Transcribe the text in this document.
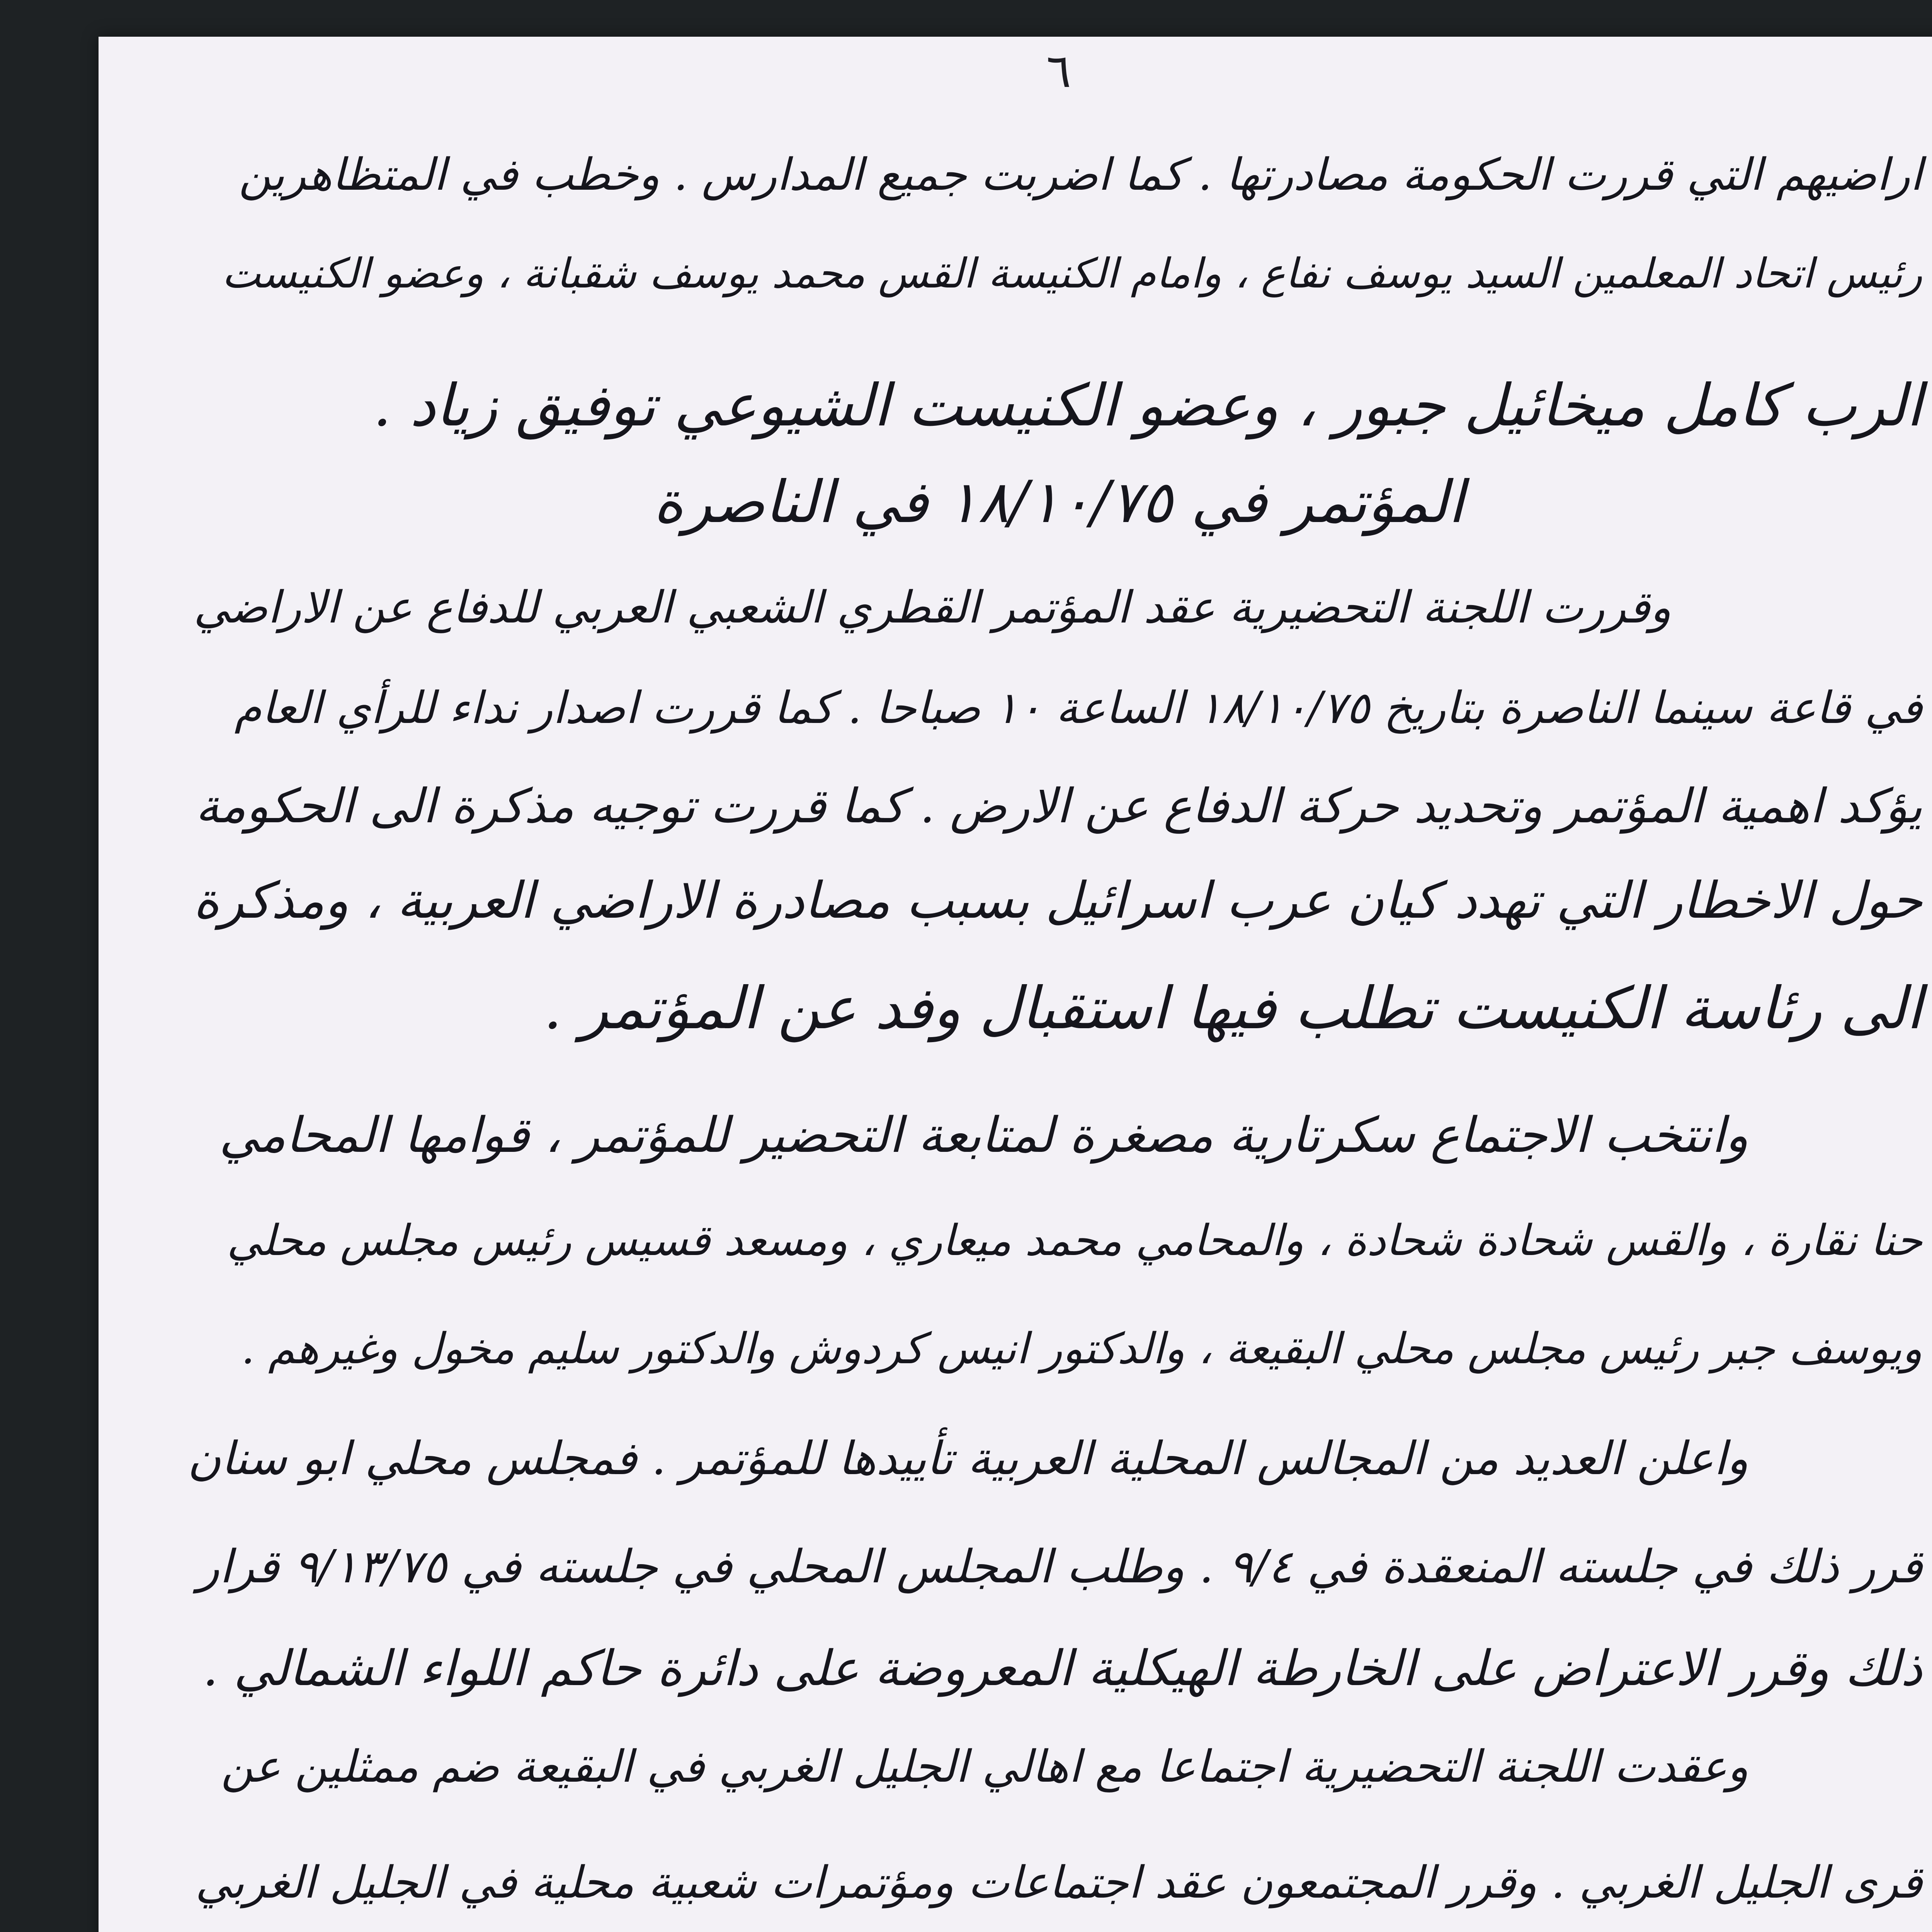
٦
اراضيهم التي قررت الحكومة مصادرتها . كما اضربت جميع المدارس . وخطب في المتظاهرين
رئيس اتحاد المعلمين السيد يوسف نفاع ، وامام الكنيسة القس محمد يوسف شقبانة ، وعضو الكنيست
الرب كامل ميخائيل جبور ، وعضو الكنيست الشيوعي توفيق زياد .
المؤتمر في ١٨/١٠/٧٥ في الناصرة
وقررت اللجنة التحضيرية عقد المؤتمر القطري الشعبي العربي للدفاع عن الاراضي
في قاعة سينما الناصرة بتاريخ ١٨/١٠/٧٥ الساعة ١٠ صباحا . كما قررت اصدار نداء للرأي العام
يؤكد اهمية المؤتمر وتحديد حركة الدفاع عن الارض . كما قررت توجيه مذكرة الى الحكومة
حول الاخطار التي تهدد كيان عرب اسرائيل بسبب مصادرة الاراضي العربية ، ومذكرة
الى رئاسة الكنيست تطلب فيها استقبال وفد عن المؤتمر .
وانتخب الاجتماع سكرتارية مصغرة لمتابعة التحضير للمؤتمر ، قوامها المحامي
حنا نقارة ، والقس شحادة شحادة ، والمحامي محمد ميعاري ، ومسعد قسيس رئيس مجلس محلي
ويوسف جبر رئيس مجلس محلي البقيعة ، والدكتور انيس كردوش والدكتور سليم مخول وغيرهم .
واعلن العديد من المجالس المحلية العربية تأييدها للمؤتمر . فمجلس محلي ابو سنان
قرر ذلك في جلسته المنعقدة في ٩/٤ . وطلب المجلس المحلي في جلسته في ٩/١٣/٧٥ قرار
ذلك وقرر الاعتراض على الخارطة الهيكلية المعروضة على دائرة حاكم اللواء الشمالي .
وعقدت اللجنة التحضيرية اجتماعا مع اهالي الجليل الغربي في البقيعة ضم ممثلين عن
قرى الجليل الغربي . وقرر المجتمعون عقد اجتماعات ومؤتمرات شعبية محلية في الجليل الغربي
